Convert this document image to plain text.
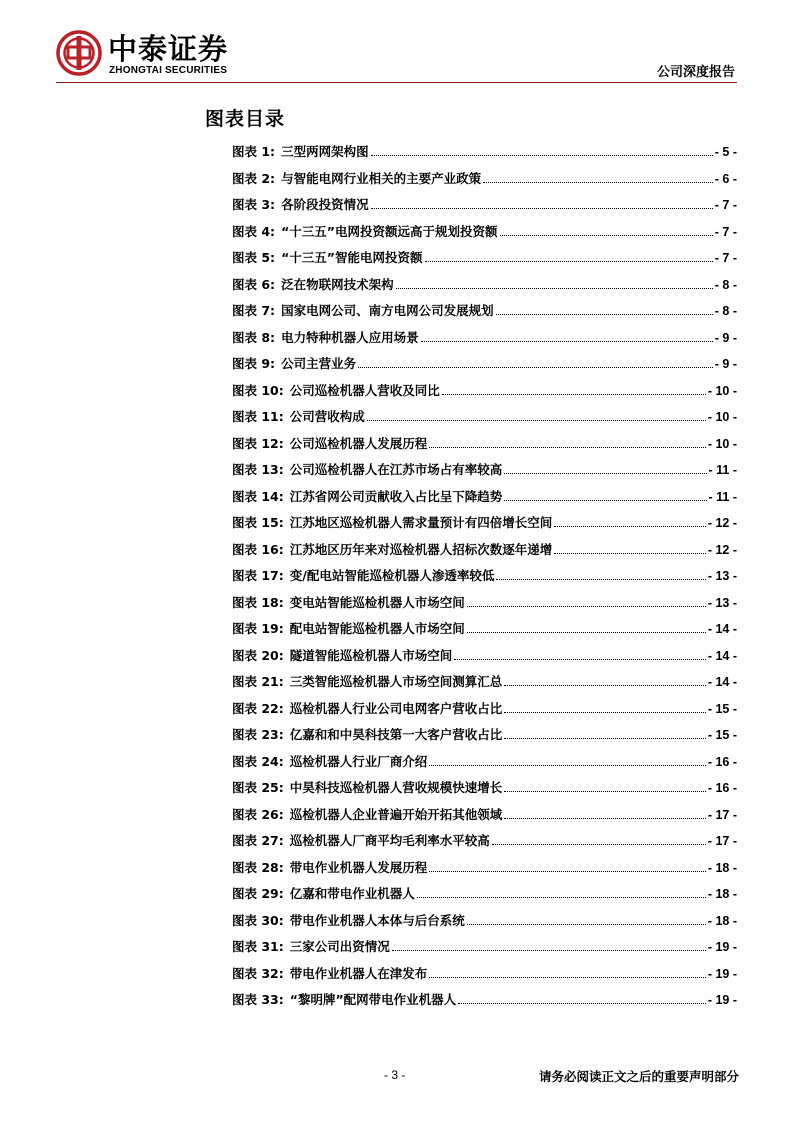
中泰证券
ZHONGTAI SECURITIES	公司深度报告
图表目录
图表 1: 三型两网架构图	- 5 -
图表 2: 与智能电网行业相关的主要产业政策	- 6 -
图表 3: 各阶段投资情况	- 7 -
图表 4: “十三五”电网投资额远高于规划投资额	- 7 -
图表 5: “十三五”智能电网投资额	- 7 -
图表 6: 泛在物联网技术架构	- 8 -
图表 7: 国家电网公司、南方电网公司发展规划	- 8 -
图表 8: 电力特种机器人应用场景	- 9 -
图表 9: 公司主营业务	- 9 -
图表 10: 公司巡检机器人营收及同比	- 10 -
图表 11: 公司营收构成	- 10 -
图表 12: 公司巡检机器人发展历程	- 10 -
图表 13: 公司巡检机器人在江苏市场占有率较高	- 11 -
图表 14: 江苏省网公司贡献收入占比呈下降趋势	- 11 -
图表 15: 江苏地区巡检机器人需求量预计有四倍增长空间	- 12 -
图表 16: 江苏地区历年来对巡检机器人招标次数逐年递增	- 12 -
图表 17: 变/配电站智能巡检机器人渗透率较低	- 13 -
图表 18: 变电站智能巡检机器人市场空间	- 13 -
图表 19: 配电站智能巡检机器人市场空间	- 14 -
图表 20: 隧道智能巡检机器人市场空间	- 14 -
图表 21: 三类智能巡检机器人市场空间测算汇总	- 14 -
图表 22: 巡检机器人行业公司电网客户营收占比	- 15 -
图表 23: 亿嘉和和中昊科技第一大客户营收占比	- 15 -
图表 24: 巡检机器人行业厂商介绍	- 16 -
图表 25: 中昊科技巡检机器人营收规模快速增长	- 16 -
图表 26: 巡检机器人企业普遍开始开拓其他领域	- 17 -
图表 27: 巡检机器人厂商平均毛利率水平较高	- 17 -
图表 28: 带电作业机器人发展历程	- 18 -
图表 29: 亿嘉和带电作业机器人	- 18 -
图表 30: 带电作业机器人本体与后台系统	- 18 -
图表 31: 三家公司出资情况	- 19 -
图表 32: 带电作业机器人在津发布	- 19 -
图表 33: “黎明牌”配网带电作业机器人	- 19 -
- 3 -	请务必阅读正文之后的重要声明部分
